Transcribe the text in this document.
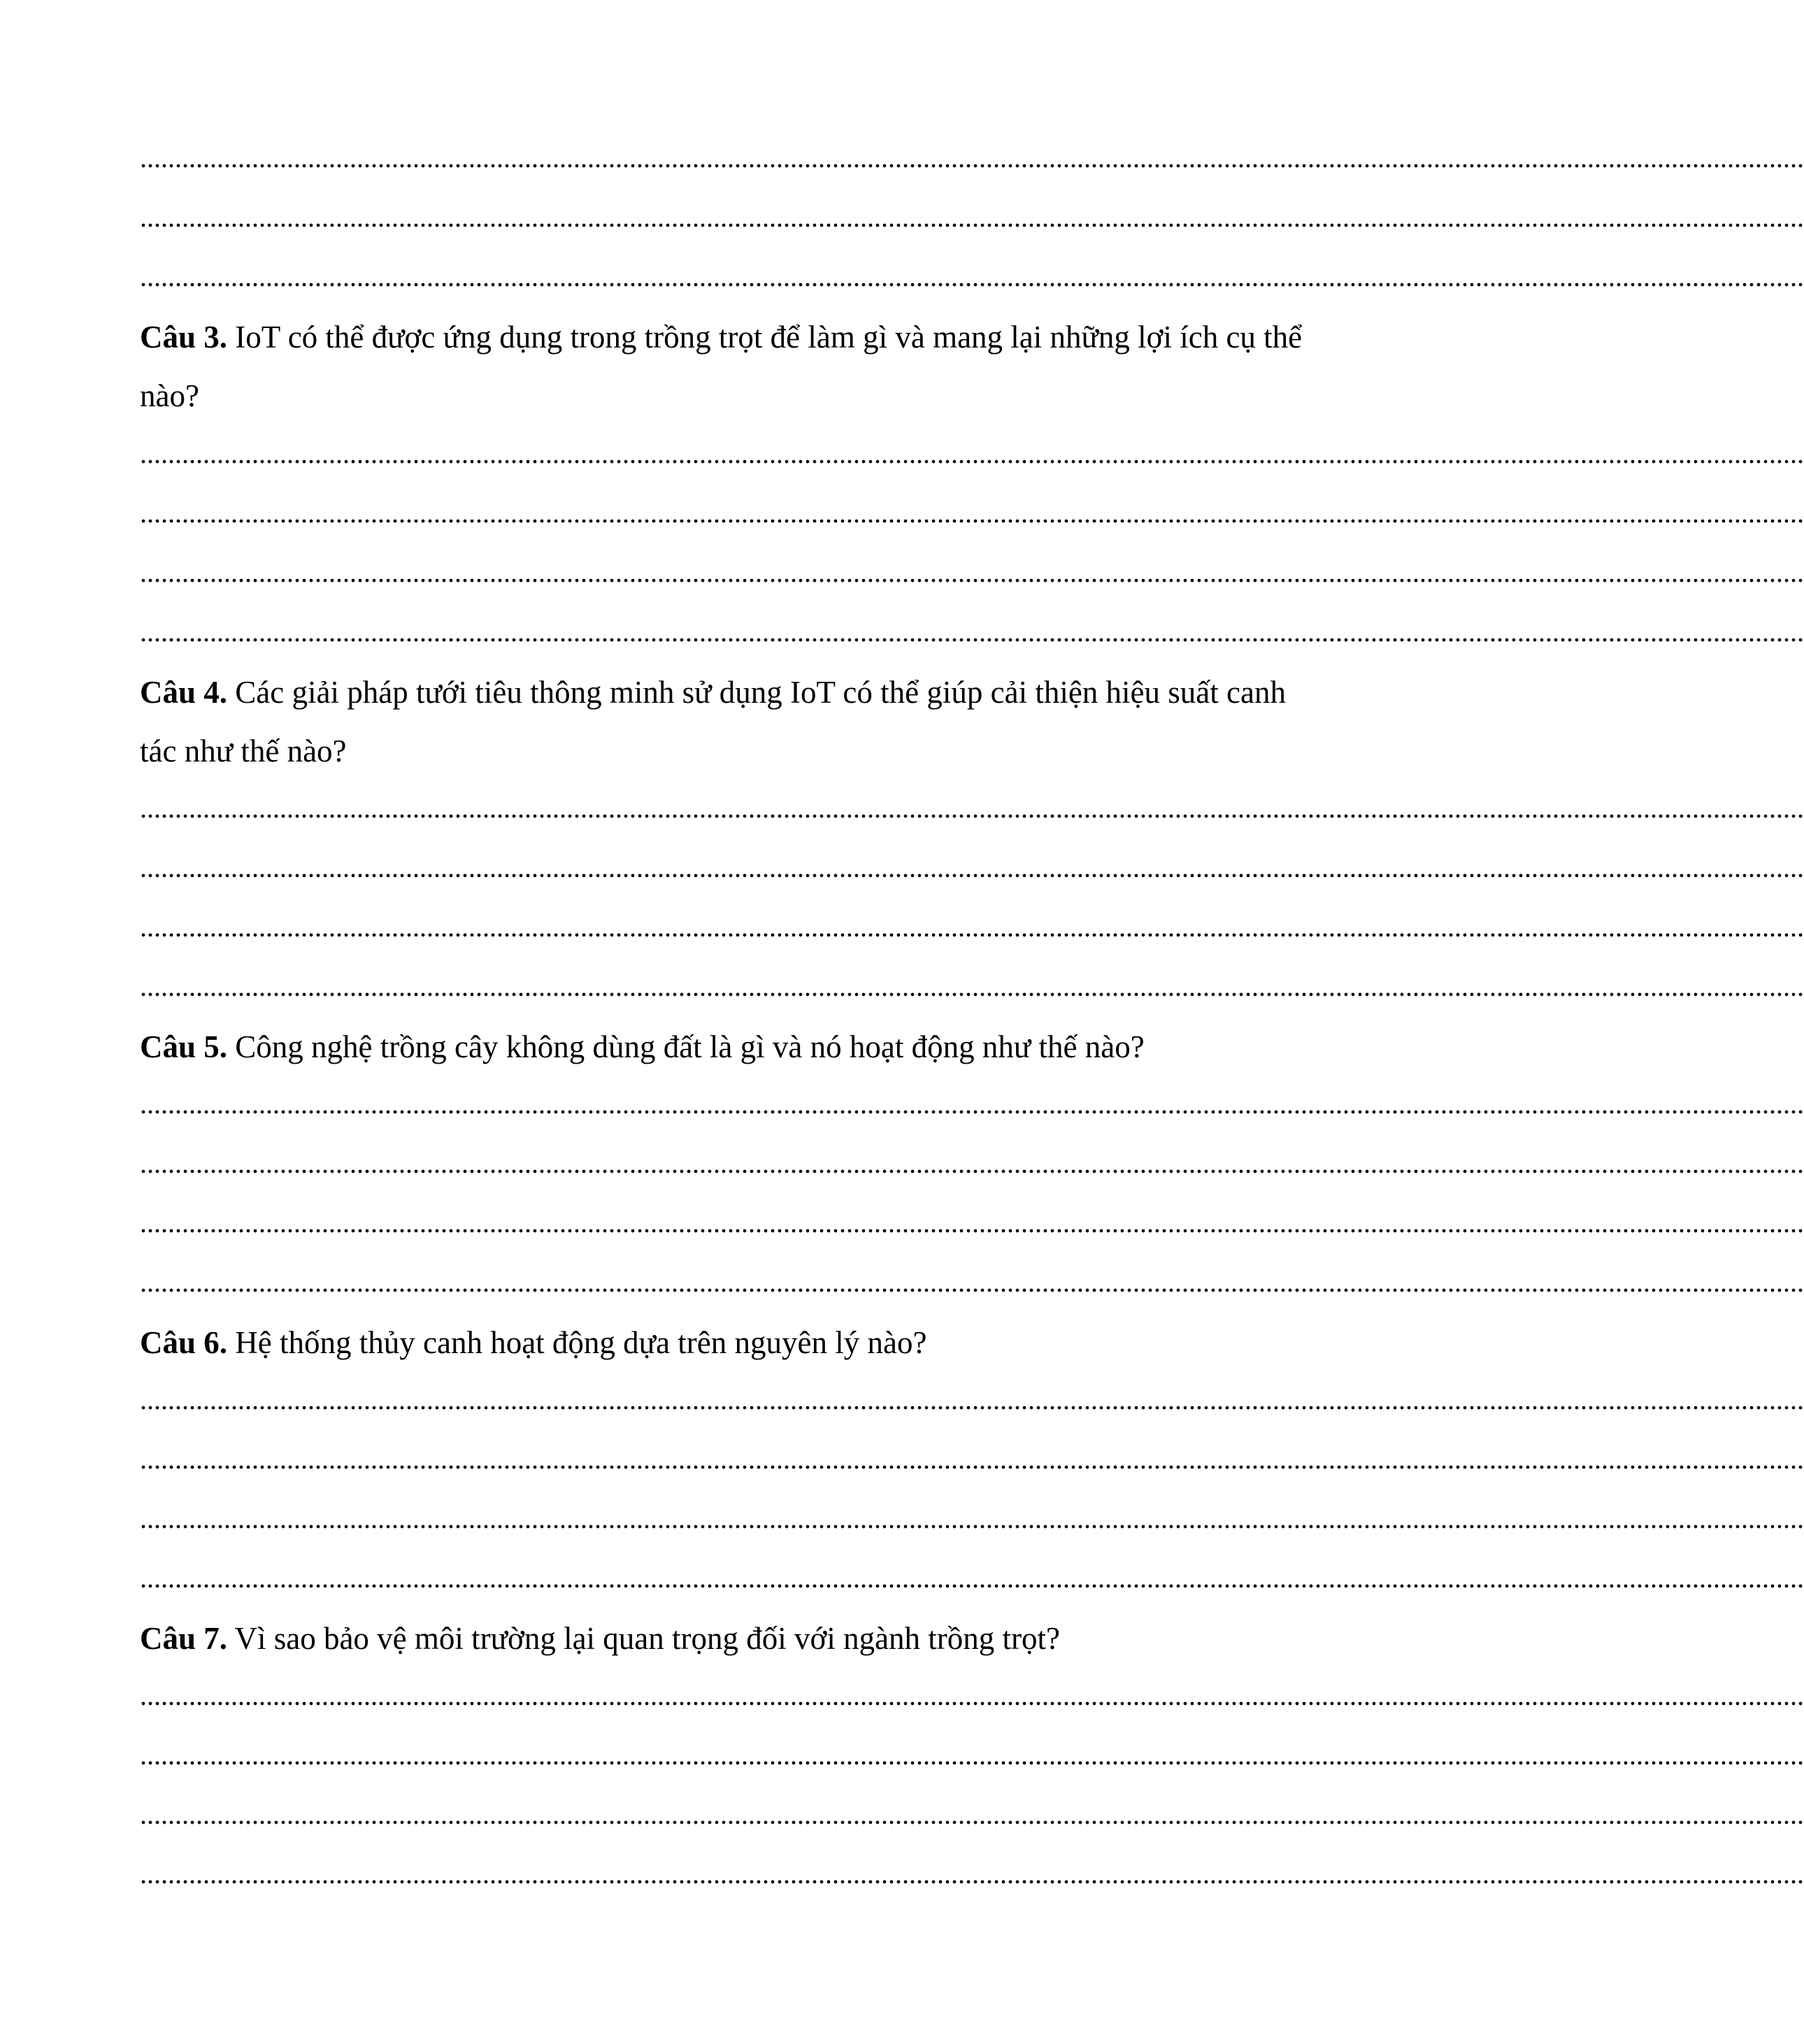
..............................................................................................................................................................................................................................................
..............................................................................................................................................................................................................................................
..............................................................................................................................................................................................................................................
Câu 3. IoT có thể được ứng dụng trong trồng trọt để làm gì và mang lại những lợi ích cụ thể nào?
..............................................................................................................................................................................................................................................
..............................................................................................................................................................................................................................................
..............................................................................................................................................................................................................................................
..............................................................................................................................................................................................................................................
Câu 4. Các giải pháp tưới tiêu thông minh sử dụng IoT có thể giúp cải thiện hiệu suất canh tác như thế nào?
..............................................................................................................................................................................................................................................
..............................................................................................................................................................................................................................................
..............................................................................................................................................................................................................................................
..............................................................................................................................................................................................................................................
Câu 5. Công nghệ trồng cây không dùng đất là gì và nó hoạt động như thế nào?
..............................................................................................................................................................................................................................................
..............................................................................................................................................................................................................................................
..............................................................................................................................................................................................................................................
..............................................................................................................................................................................................................................................
Câu 6. Hệ thống thủy canh hoạt động dựa trên nguyên lý nào?
..............................................................................................................................................................................................................................................
..............................................................................................................................................................................................................................................
..............................................................................................................................................................................................................................................
..............................................................................................................................................................................................................................................
Câu 7. Vì sao bảo vệ môi trường lại quan trọng đối với ngành trồng trọt?
..............................................................................................................................................................................................................................................
..............................................................................................................................................................................................................................................
..............................................................................................................................................................................................................................................
..............................................................................................................................................................................................................................................
